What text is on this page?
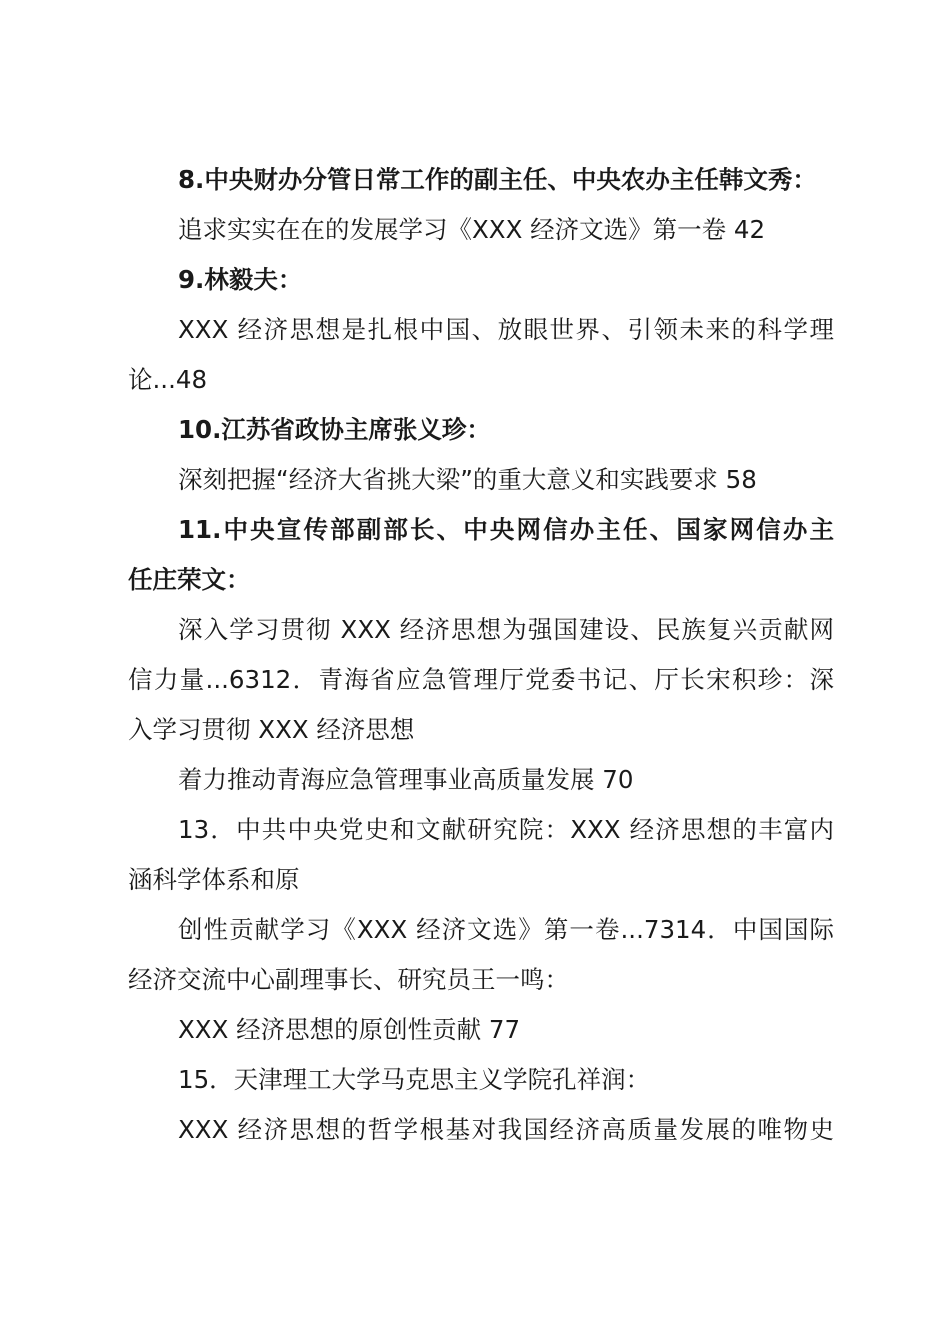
8.中央财办分管日常工作的副主任、中央农办主任韩文秀：
追求实实在在的发展学习《XXX 经济文选》第一卷 42
9.林毅夫：
XXX 经济思想是扎根中国、放眼世界、引领未来的科学理
论...48
10.江苏省政协主席张义珍：
深刻把握“经济大省挑大梁”的重大意义和实践要求 58
11.中央宣传部副部长、中央网信办主任、国家网信办主
任庄荣文：
深入学习贯彻 XXX 经济思想为强国建设、民族复兴贡献网
信力量...6312．青海省应急管理厅党委书记、厅长宋积珍：深
入学习贯彻 XXX 经济思想
着力推动青海应急管理事业高质量发展 70
13．中共中央党史和文献研究院：XXX 经济思想的丰富内
涵科学体系和原
创性贡献学习《XXX 经济文选》第一卷...7314．中国国际
经济交流中心副理事长、研究员王一鸣：
XXX 经济思想的原创性贡献 77
15．天津理工大学马克思主义学院孔祥润：
XXX 经济思想的哲学根基对我国经济高质量发展的唯物史
